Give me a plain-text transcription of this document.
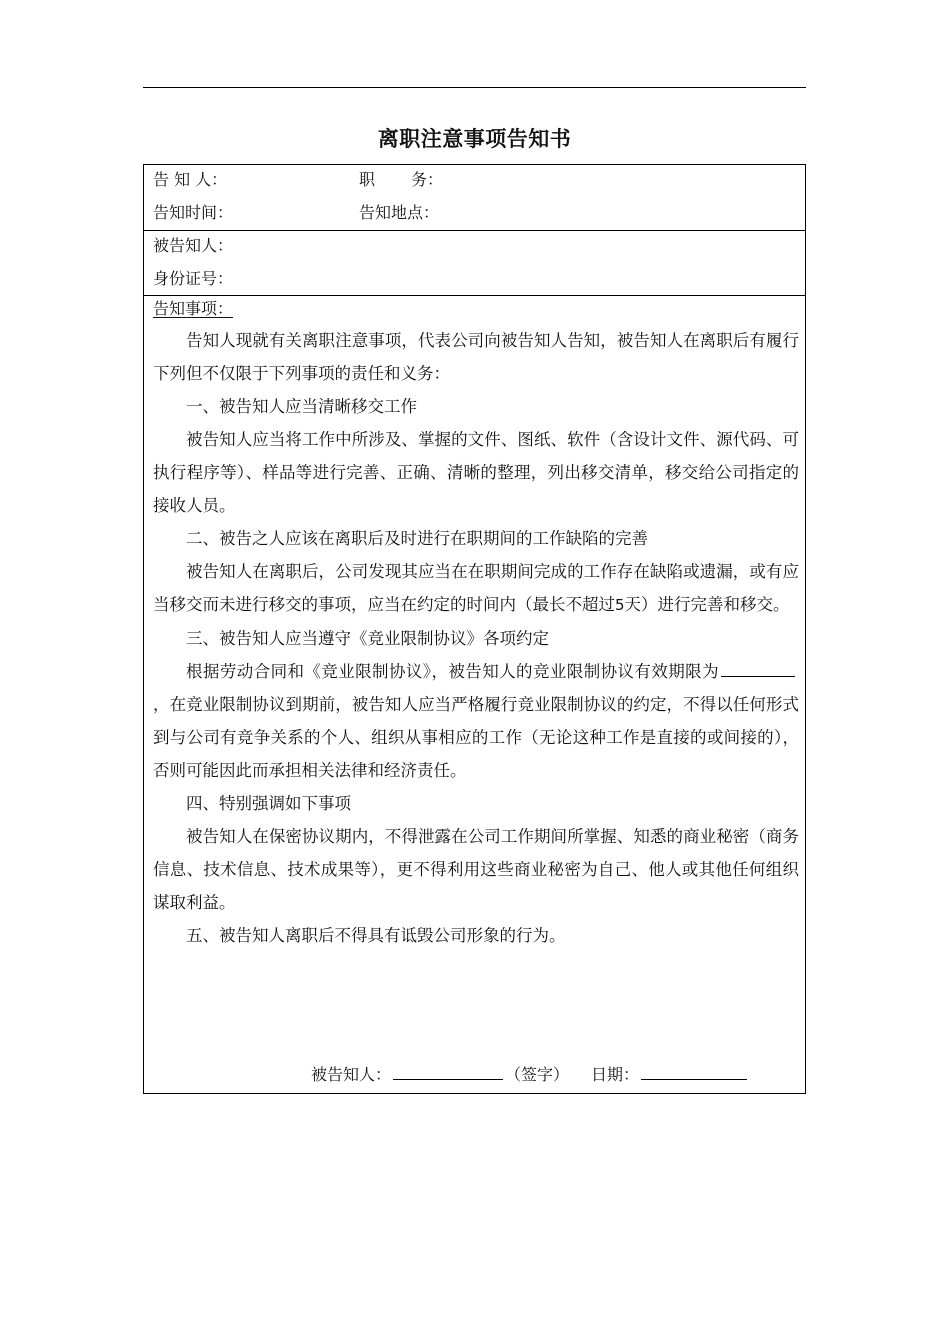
离职注意事项告知书
告 知 人：	职 务：
告知时间：	告知地点：
被告知人：
身份证号：
告知事项：

告知人现就有关离职注意事项，代表公司向被告知人告知，被告知人在离职后有履行下列但不仅限于下列事项的责任和义务：

一、被告知人应当清晰移交工作

被告知人应当将工作中所涉及、掌握的文件、图纸、软件（含设计文件、源代码、可执行程序等）、样品等进行完善、正确、清晰的整理，列出移交清单，移交给公司指定的接收人员。

二、被告之人应该在离职后及时进行在职期间的工作缺陷的完善

被告知人在离职后，公司发现其应当在在职期间完成的工作存在缺陷或遗漏，或有应当移交而未进行移交的事项，应当在约定的时间内（最长不超过5天）进行完善和移交。

三、被告知人应当遵守《竞业限制协议》各项约定

根据劳动合同和《竞业限制协议》，被告知人的竞业限制协议有效期限为，在竞业限制协议到期前，被告知人应当严格履行竞业限制协议的约定，不得以任何形式到与公司有竞争关系的个人、组织从事相应的工作（无论这种工作是直接的或间接的），否则可能因此而承担相关法律和经济责任。

四、特别强调如下事项

被告知人在保密协议期内，不得泄露在公司工作期间所掌握、知悉的商业秘密（商务信息、技术信息、技术成果等），更不得利用这些商业秘密为自己、他人或其他任何组织谋取利益。

五、被告知人离职后不得具有诋毁公司形象的行为。

被告知人：	（签字） 日期：
